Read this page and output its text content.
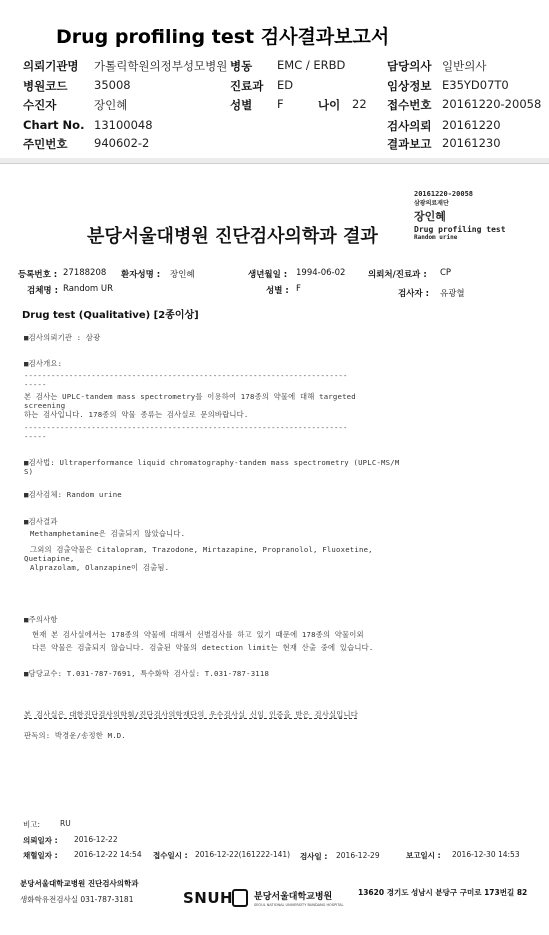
Drug profiling test 검사결과보고서
의뢰기관명 가톨릭학원의정부성모병원 병동 EMC / ERBD	담당의사 일반의사
병원코드 35008	진료과 ED	임상정보 E35YD07T0
수진자	장인혜	성별 F	나이 22 접수번호 20161220-20058
Chart No. 13100048	검사의뢰 20161220
주민번호 940602-2	결과보고 20161230
20161220-20058
삼광의료재단
장인혜
Drug profiling test
Random urine
분당서울대병원 진단검사의학과 결과
등록번호 : 27188208 환자성명 : 장인혜	생년월일 : 1994-06-02	의뢰처/진료과 : CP
검체명 : Random UR	성별 : F	검사자 : 유광혈
Drug test (Qualitative) [2종이상]
■검사의뢰기관 : 삼광
■검사개요:
------------------------------------------------------------------------
-----
본 검사는 UPLC-tandem mass spectrometry를 이용하여 178종의 약물에 대해 targeted
screening
하는 검사입니다. 178종의 약물 종류는 검사실로 문의바랍니다.
------------------------------------------------------------------------
-----
■검사법: Ultraperformance liquid chromatography-tandem mass spectrometry (UPLC-MS/M
S)
■검사검체: Random urine
■검사결과
Methamphetamine은 검출되지 않았습니다.
그외의 검출약물은 Citalopram, Trazodone, Mirtazapine, Propranolol, Fluoxetine,
Quetiapine,
Alprazolam, Olanzapine이 검출됨.
■주의사항
현재 본 검사실에서는 178종의 약물에 대해서 선별검사를 하고 있기 때문에 178종의 약물이외
다른 약물은 검출되지 않습니다. 검출된 약물의 detection limit는 현재 산출 중에 있습니다.
■담당교수: T.031-787-7691, 특수화학 검사실: T.031-787-3118
본 검사실은 대한진단검사의학회/진단검사의학재단의 우수검사실 신임 인증을 받은 검사실입니다
판독의: 박경운/송정한 M.D.
비고:	RU
의뢰일자 : 2016-12-22
채혈일자 : 2016-12-22 14:54 접수일시 : 2016-12-22(161222-141) 검사일 : 2016-12-29	보고일시 : 2016-12-30 14:53
분당서울대학교병원 진단검사의학과
생화학유전검사실 031-787-3181	SNUH 분당서울대학교병원
SEOUL NATIONAL UNIVERSITY BUNDANG HOSPITAL
13620 경기도 성남시 분당구 구미로 173번길 82
